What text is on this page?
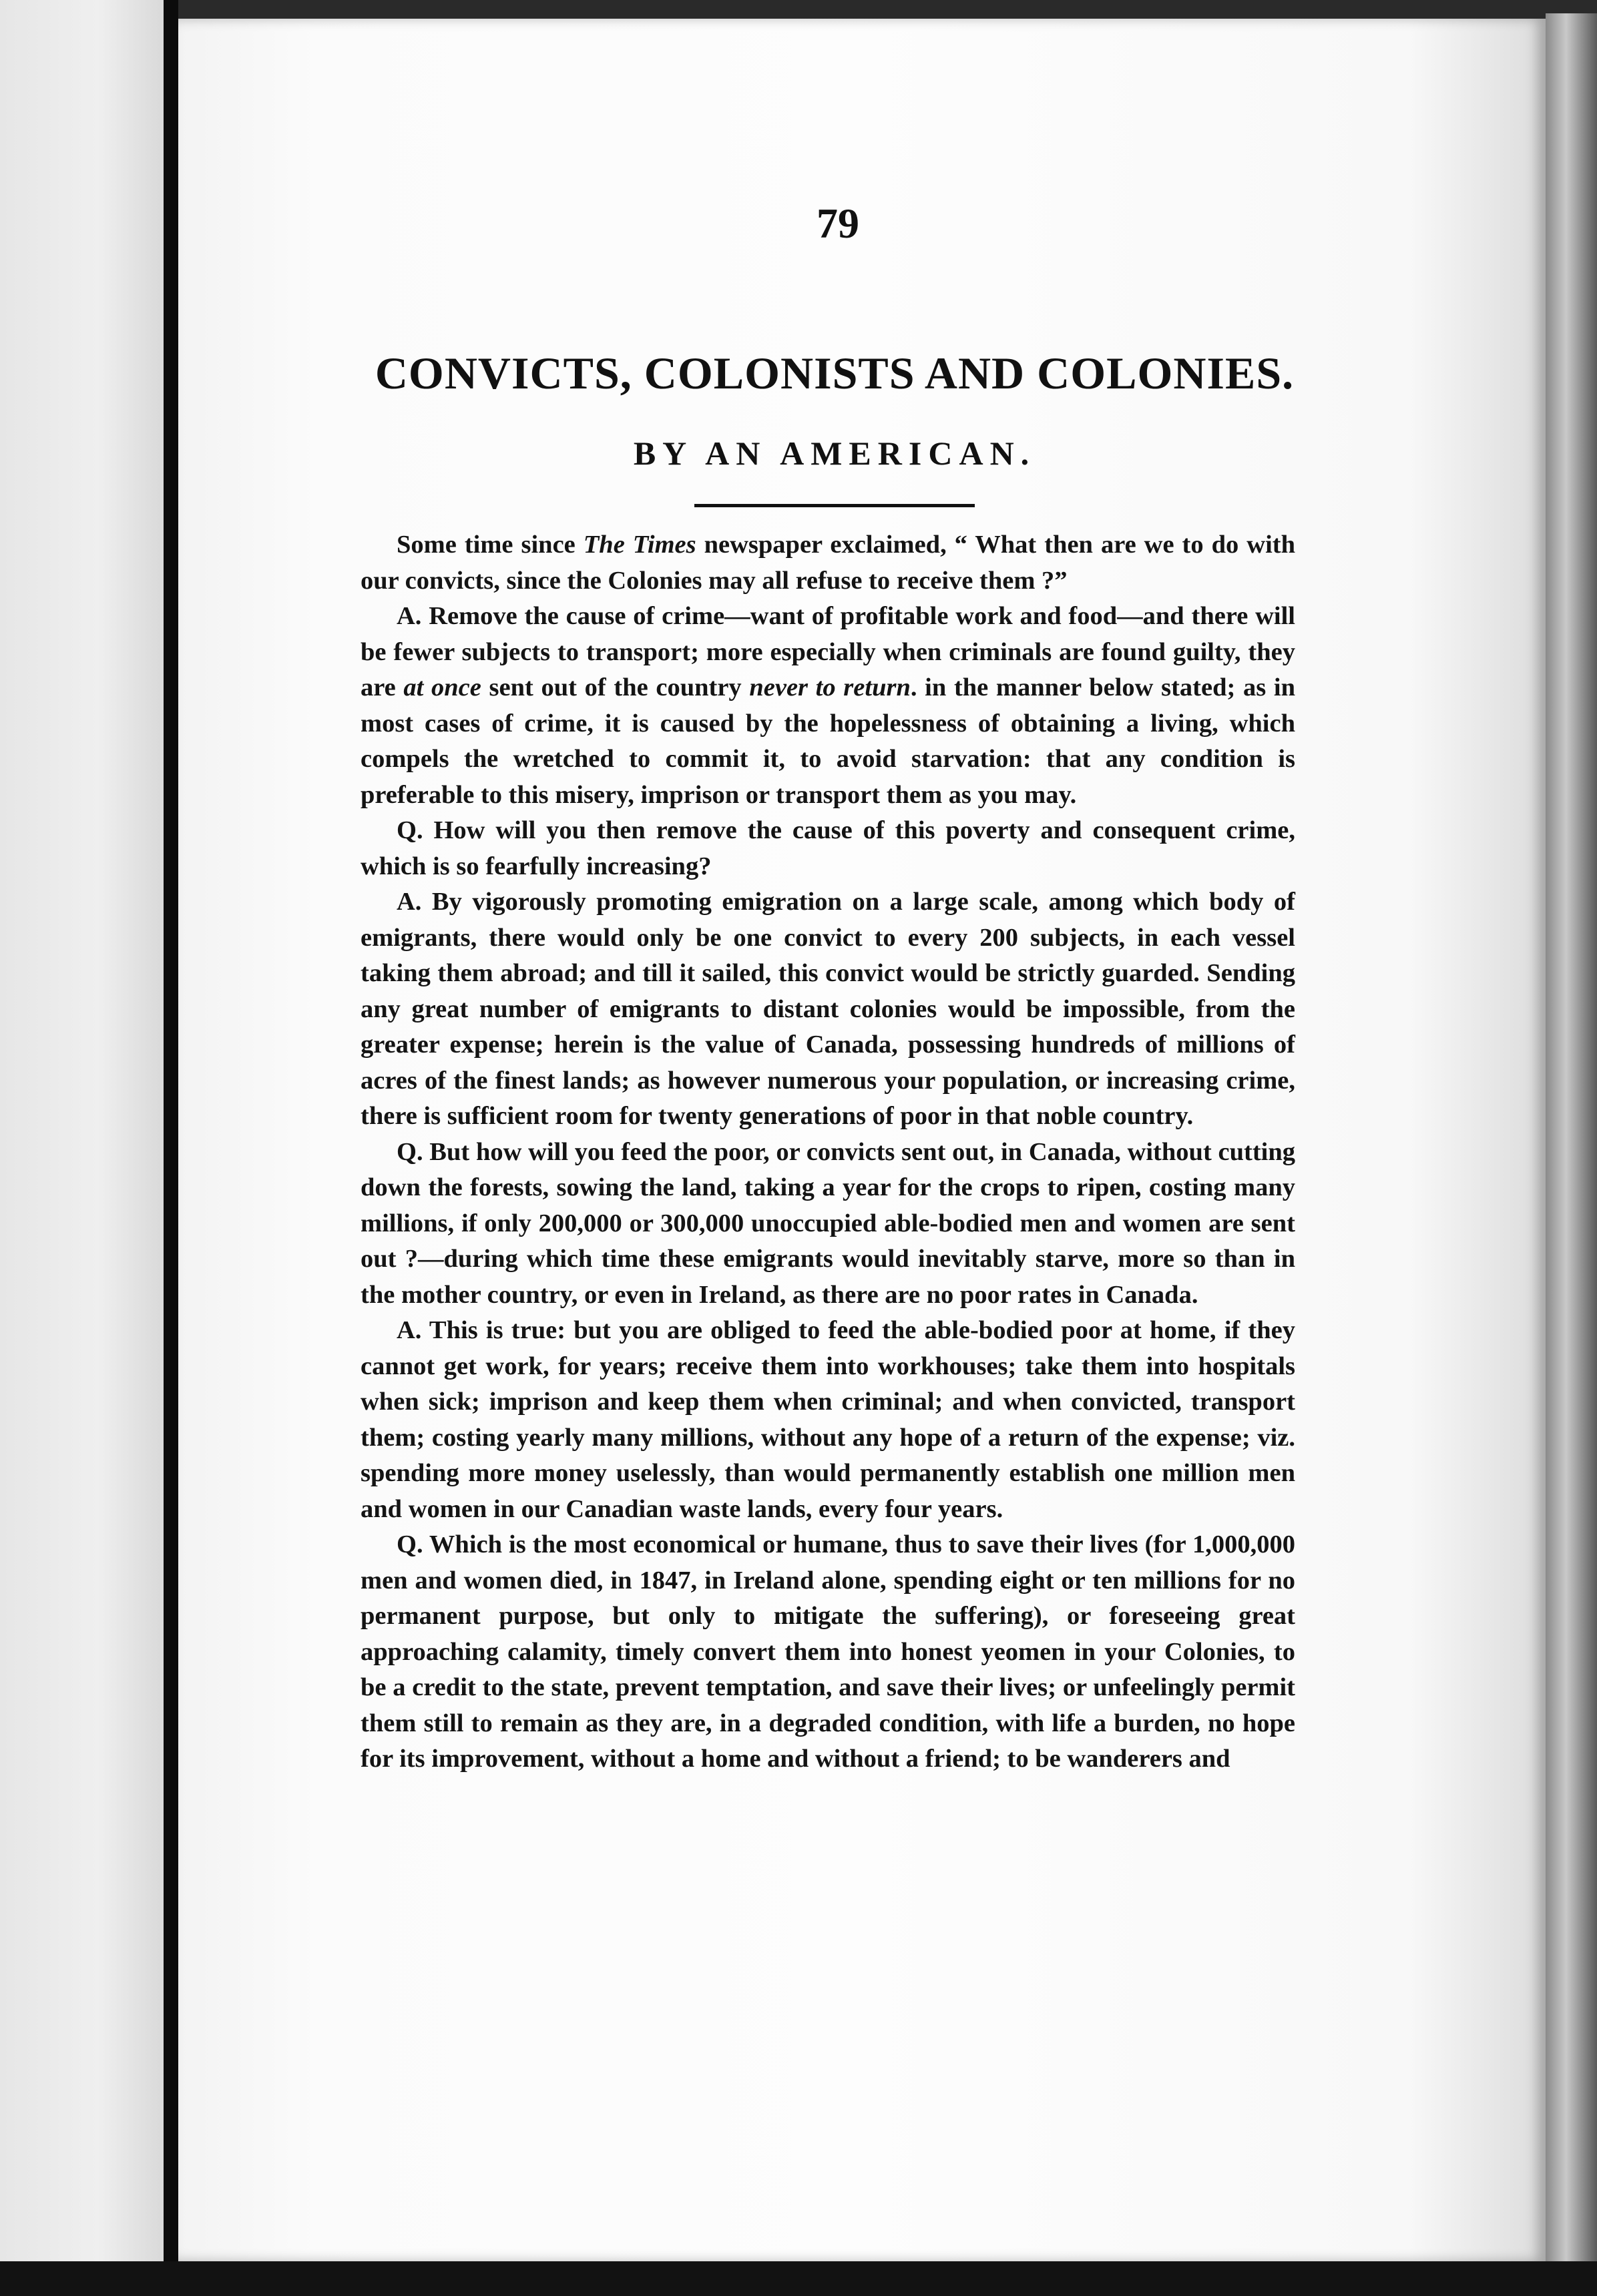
79
CONVICTS, COLONISTS AND COLONIES.
BY AN AMERICAN.

Some time since The Times newspaper exclaimed, “ What then are we to do with our convicts, since the Colonies may all refuse to receive them ?”

A. Remove the cause of crime—want of profitable work and food—and there will be fewer subjects to transport; more especially when criminals are found guilty, they are at once sent out of the country never to return. in the manner below stated; as in most cases of crime, it is caused by the hopelessness of obtaining a living, which compels the wretched to commit it, to avoid starvation: that any condition is preferable to this misery, imprison or transport them as you may.

Q. How will you then remove the cause of this poverty and consequent crime, which is so fearfully increasing?

A. By vigorously promoting emigration on a large scale, among which body of emigrants, there would only be one convict to every 200 subjects, in each vessel taking them abroad; and till it sailed, this convict would be strictly guarded. Sending any great number of emigrants to distant colonies would be impossible, from the greater expense; herein is the value of Canada, possessing hundreds of millions of acres of the finest lands; as however numerous your population, or increasing crime, there is sufficient room for twenty generations of poor in that noble country.

Q. But how will you feed the poor, or convicts sent out, in Canada, without cutting down the forests, sowing the land, taking a year for the crops to ripen, costing many millions, if only 200,000 or 300,000 unoccupied able-bodied men and women are sent out ?—during which time these emigrants would inevitably starve, more so than in the mother country, or even in Ireland, as there are no poor rates in Canada.

A. This is true: but you are obliged to feed the able-bodied poor at home, if they cannot get work, for years; receive them into workhouses; take them into hospitals when sick; imprison and keep them when criminal; and when convicted, transport them; costing yearly many millions, without any hope of a return of the expense; viz. spending more money uselessly, than would permanently establish one million men and women in our Canadian waste lands, every four years.

Q. Which is the most economical or humane, thus to save their lives (for 1,000,000 men and women died, in 1847, in Ireland alone, spending eight or ten millions for no permanent purpose, but only to mitigate the suffering), or foreseeing great approaching calamity, timely convert them into honest yeomen in your Colonies, to be a credit to the state, prevent temptation, and save their lives; or unfeelingly permit them still to remain as they are, in a degraded condition, with life a burden, no hope for its improvement, without a home and without a friend; to be wanderers and
